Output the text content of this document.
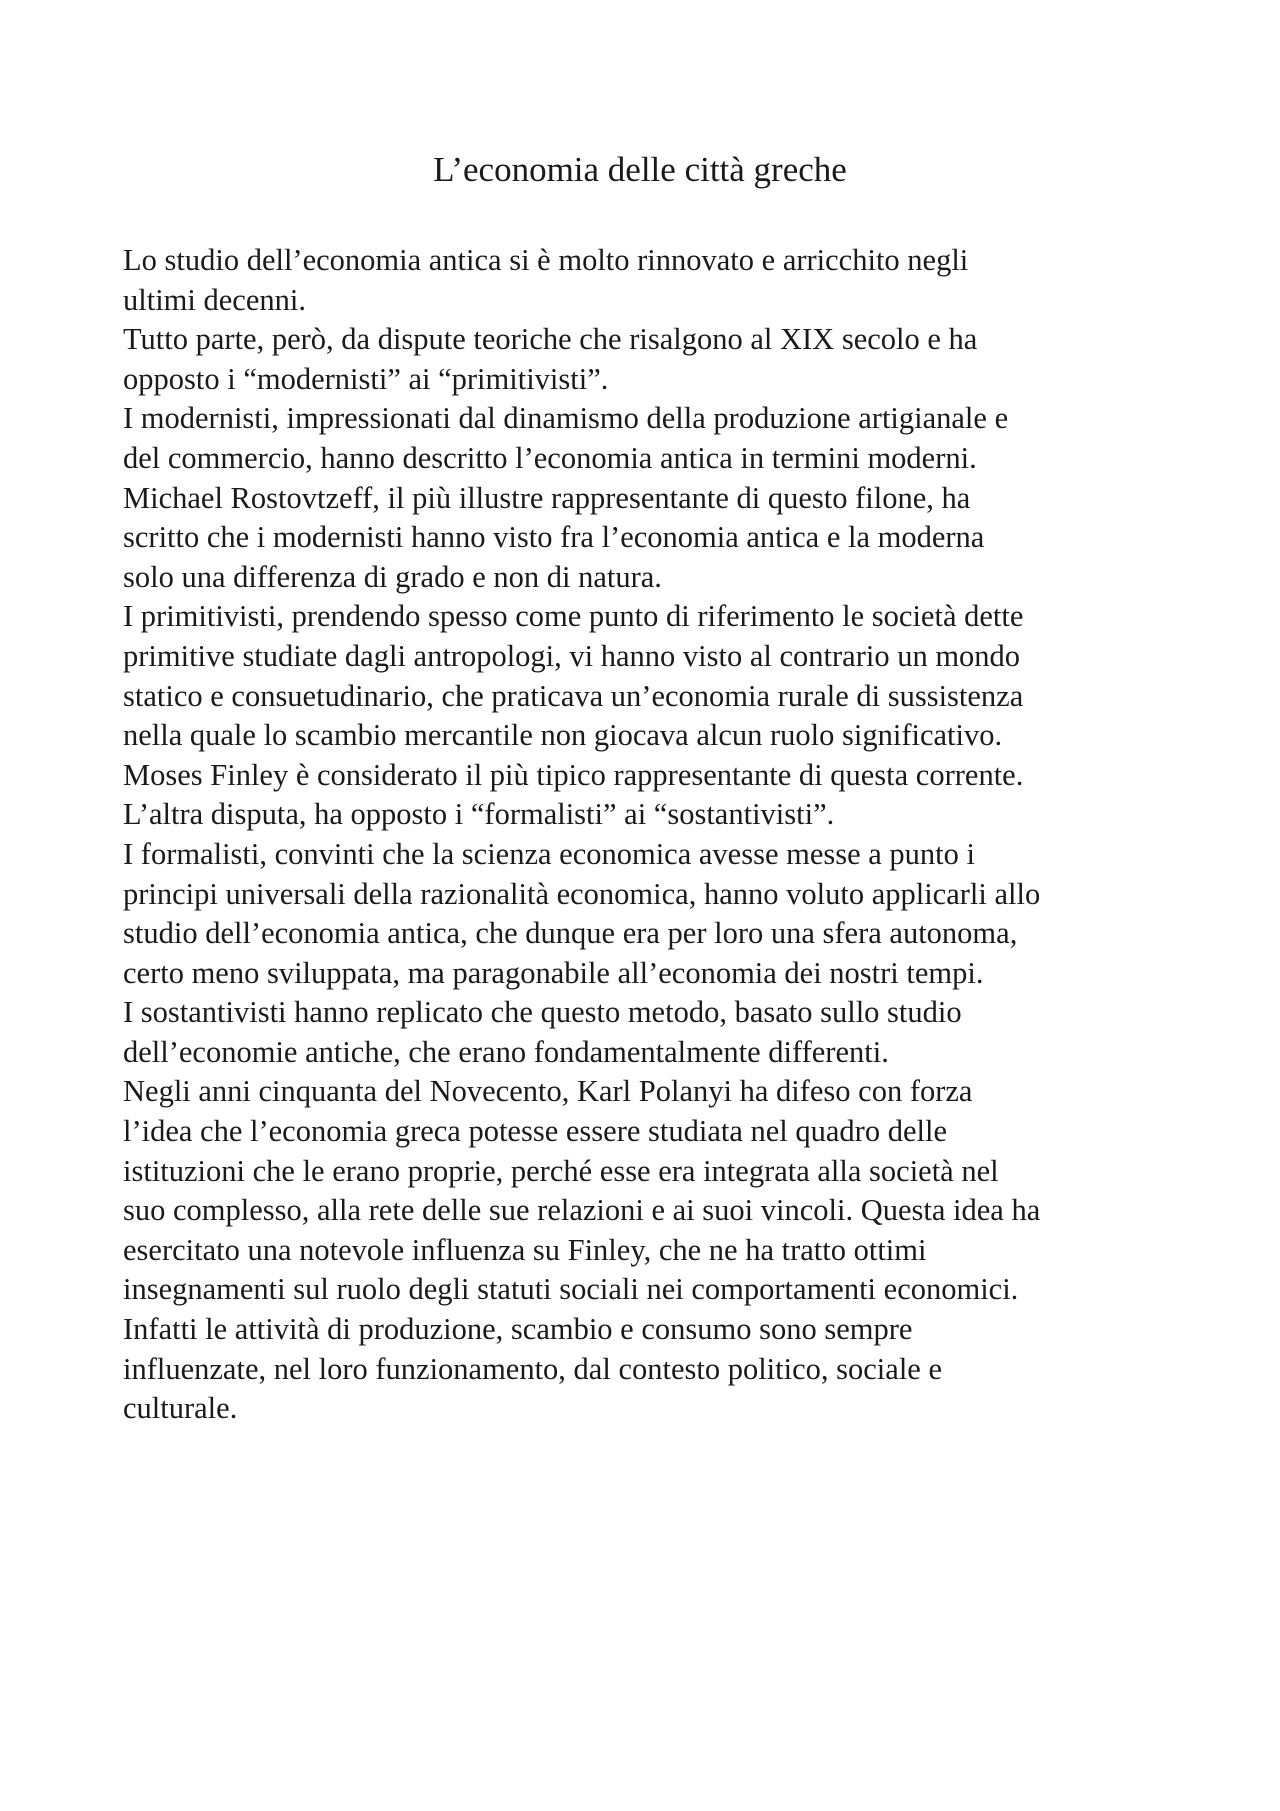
L’economia delle città greche
Lo studio dell’economia antica si è molto rinnovato e arricchito negli
ultimi decenni.
Tutto parte, però, da dispute teoriche che risalgono al XIX secolo e ha
opposto i “modernisti” ai “primitivisti”.
I modernisti, impressionati dal dinamismo della produzione artigianale e
del commercio, hanno descritto l’economia antica in termini moderni.
Michael Rostovtzeff, il più illustre rappresentante di questo filone, ha
scritto che i modernisti hanno visto fra l’economia antica e la moderna
solo una differenza di grado e non di natura.
I primitivisti, prendendo spesso come punto di riferimento le società dette
primitive studiate dagli antropologi, vi hanno visto al contrario un mondo
statico e consuetudinario, che praticava un’economia rurale di sussistenza
nella quale lo scambio mercantile non giocava alcun ruolo significativo.
Moses Finley è considerato il più tipico rappresentante di questa corrente.
L’altra disputa, ha opposto i “formalisti” ai “sostantivisti”.
I formalisti, convinti che la scienza economica avesse messe a punto i
principi universali della razionalità economica, hanno voluto applicarli allo
studio dell’economia antica, che dunque era per loro una sfera autonoma,
certo meno sviluppata, ma paragonabile all’economia dei nostri tempi.
I sostantivisti hanno replicato che questo metodo, basato sullo studio
dell’economie antiche, che erano fondamentalmente differenti.
Negli anni cinquanta del Novecento, Karl Polanyi ha difeso con forza
l’idea che l’economia greca potesse essere studiata nel quadro delle
istituzioni che le erano proprie, perché esse era integrata alla società nel
suo complesso, alla rete delle sue relazioni e ai suoi vincoli. Questa idea ha
esercitato una notevole influenza su Finley, che ne ha tratto ottimi
insegnamenti sul ruolo degli statuti sociali nei comportamenti economici.
Infatti le attività di produzione, scambio e consumo sono sempre
influenzate, nel loro funzionamento, dal contesto politico, sociale e
culturale.
